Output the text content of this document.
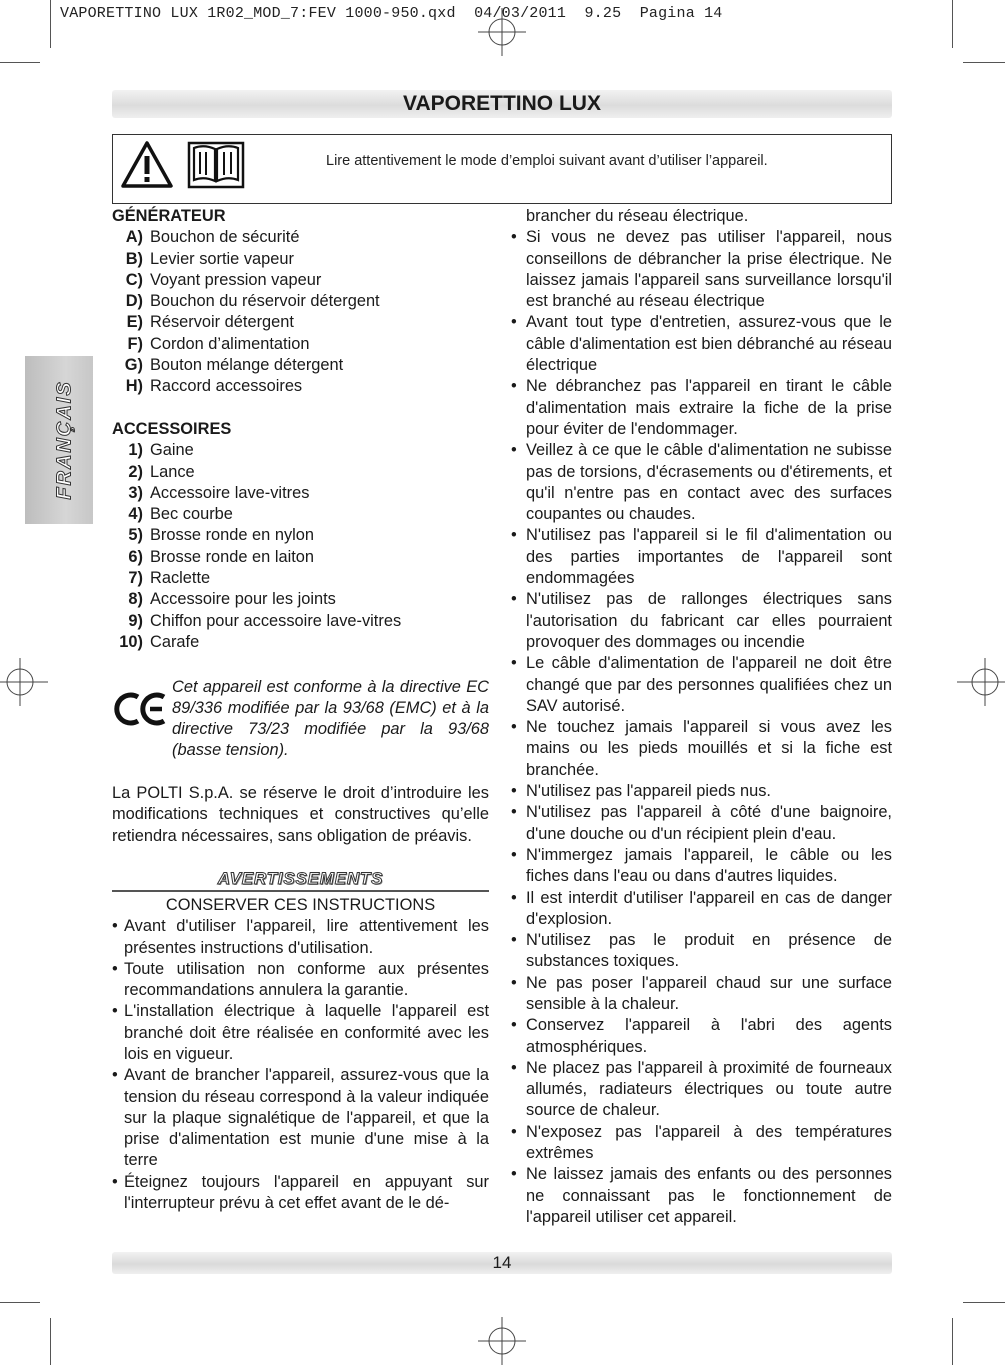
VAPORETTINO LUX 1R02_MOD_7:FEV 1000-950.qxd  04/03/2011  9.25  Pagina 14
VAPORETTINO LUX
Lire attentivement le mode d’emploi suivant avant d’utiliser l’appareil.
FRANÇAIS
GÉNÉRATEUR
A) Bouchon de sécurité
B) Levier sortie vapeur
C) Voyant pression vapeur
D) Bouchon du réservoir détergent
E) Réservoir détergent
F) Cordon d’alimentation
G) Bouton mélange détergent
H) Raccord accessoires
ACCESSOIRES
1) Gaine
2) Lance
3) Accessoire lave-vitres
4) Bec courbe
5) Brosse ronde en nylon
6) Brosse ronde en laiton
7) Raclette
8) Accessoire pour les joints
9) Chiffon pour accessoire lave-vitres
10) Carafe
Cet appareil est conforme à la directive EC 89/336 modifiée par la 93/68 (EMC) et à la directive 73/23 modifiée par la 93/68 (basse tension).
La POLTI S.p.A. se réserve le droit d’introduire les modifications techniques et constructives qu’elle retiendra nécessaires, sans obligation de préavis.
AVERTISSEMENTS
CONSERVER CES INSTRUCTIONS
• Avant d'utiliser l'appareil, lire attentivement les présentes instructions d'utilisation.
• Toute utilisation non conforme aux présentes recommandations annulera la garantie.
• L'installation électrique à laquelle l'appareil est branché doit être réalisée en conformité avec les lois en vigueur.
• Avant de brancher l'appareil, assurez-vous que la tension du réseau correspond à la valeur indiquée sur la plaque signalétique de l'appareil, et que la prise d'alimentation est munie d'une mise à la terre
• Éteignez toujours l'appareil en appuyant sur l'interrupteur prévu à cet effet avant de le dé-
brancher du réseau électrique.
• Si vous ne devez pas utiliser l'appareil, nous conseillons de débrancher la prise électrique. Ne laissez jamais l'appareil sans surveillance lorsqu'il est branché au réseau électrique
• Avant tout type d'entretien, assurez-vous que le câble d'alimentation est bien débranché au réseau électrique
• Ne débranchez pas l'appareil en tirant le câble d'alimentation mais extraire la fiche de la prise pour éviter de l'endommager.
• Veillez à ce que le câble d'alimentation ne subisse pas de torsions, d'écrasements ou d'étirements, et qu'il n'entre pas en contact avec des surfaces coupantes ou chaudes.
• N'utilisez pas l'appareil si le fil d'alimentation ou des parties importantes de l'appareil sont endommagées
• N'utilisez pas de rallonges électriques sans l'autorisation du fabricant car elles pourraient provoquer des dommages ou incendie
• Le câble d'alimentation de l'appareil ne doit être changé que par des personnes qualifiées chez un SAV autorisé.
• Ne touchez jamais l'appareil si vous avez les mains ou les pieds mouillés et si la fiche est branchée.
• N'utilisez pas l'appareil pieds nus.
• N'utilisez pas l'appareil à côté d'une baignoire, d'une douche ou d'un récipient plein d'eau.
• N'immergez jamais l'appareil, le câble ou les fiches dans l'eau ou dans d'autres liquides.
• Il est interdit d'utiliser l'appareil en cas de danger d'explosion.
• N'utilisez pas le produit en présence de substances toxiques.
• Ne pas poser l'appareil chaud sur une surface sensible à la chaleur.
• Conservez l'appareil à l'abri des agents atmosphériques.
• Ne placez pas l'appareil à proximité de fourneaux allumés, radiateurs électriques ou toute autre source de chaleur.
• N'exposez pas l'appareil à des températures extrêmes
• Ne laissez jamais des enfants ou des personnes ne connaissant pas le fonctionnement de l'appareil utiliser cet appareil.
14
